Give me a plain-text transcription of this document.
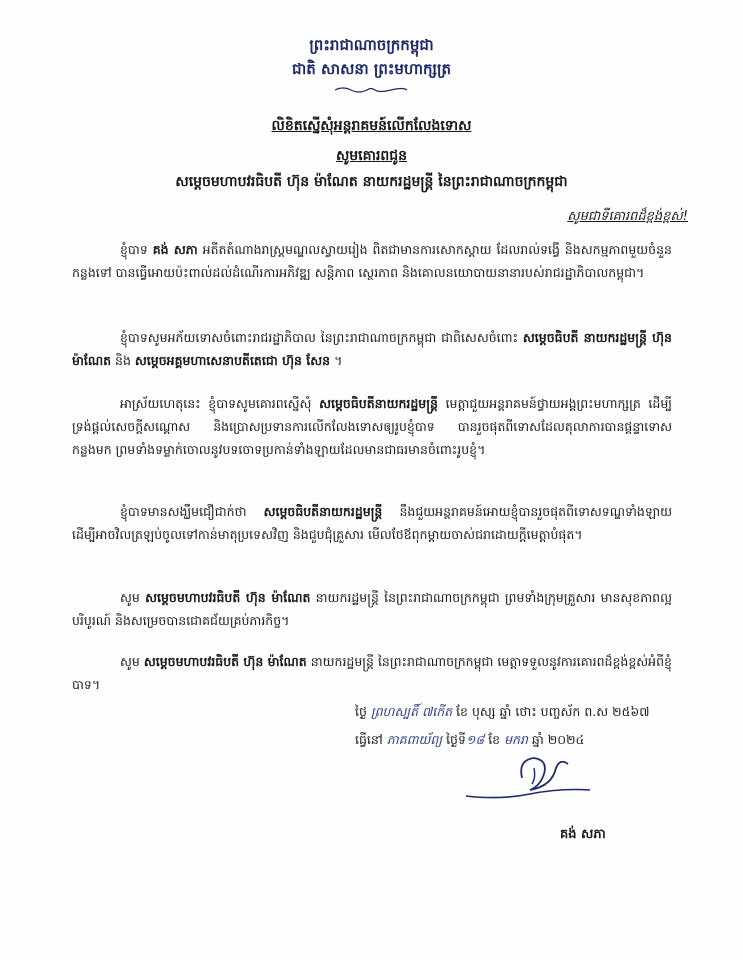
ព្រះរាជាណាចក្រកម្ពុជា
ជាតិ សាសនា ព្រះមហាក្សត្រ
លិខិតស្នើសុំអន្តរាគមន៍លើកលែងទោស
សូមគោរពជូន
សម្តេចមហាបវរធិបតី ហ៊ុន ម៉ាណែត នាយករដ្ឋមន្ត្រី នៃព្រះរាជាណាចក្រកម្ពុជា
សូមជាទីគោរពដ៏ខ្ពង់ខ្ពស់!
ខ្ញុំបាទ គង់ សភា អតីតតំណាងរាស្ត្រមណ្ឌលស្វាយរៀង ពិតជាមានការសោកស្តាយ ដែលរាល់ទង្វើ និងសកម្មភាពមួយចំនួនកន្លងទៅ បានធ្វើអោយប៉ះពាល់ដល់ដំណើរការអភិវឌ្ឍ សន្តិភាព ស្ថេរភាព និងគោលនយោបាយនានារបស់រាជរដ្ឋាភិបាលកម្ពុជា។
ខ្ញុំបាទសូមអភ័យទោសចំពោះរាជរដ្ឋាភិបាល នៃព្រះរាជាណាចក្រកម្ពុជា ជាពិសេសចំពោះ សម្តេចធិបតី នាយករដ្ឋមន្ត្រី ហ៊ុន ម៉ាណែត និង សម្តេចអគ្គមហាសេនាបតីតេជោ ហ៊ុន សែន ។
អាស្រ័យហេតុនេះ ខ្ញុំបាទសូមគោរពស្នើសុំ សម្តេចធិបតីនាយករដ្ឋមន្ត្រី មេត្តាជួយអន្តរាគមន៍ថ្វាយអង្គព្រះមហាក្សត្រ ដើម្បីទ្រង់ផ្តល់សេចក្តីសណ្តោស និងប្រោសប្រទានការលើកលែងទោសឲ្យរូបខ្ញុំបាទ បានរួចផុតពីទោសដែលតុលាការបានផ្តន្ទាទោសកន្លងមក ព្រមទាំងទម្លាក់ចោលនូវបទចោទប្រកាន់ទាំងឡាយដែលមានជាធរមានចំពោះរូបខ្ញុំ។
ខ្ញុំបាទមានសង្ឃឹមជឿជាក់ថា សម្តេចធិបតីនាយករដ្ឋមន្ត្រី នឹងជួយអន្តរាគមន៍អោយខ្ញុំបានរួចផុតពីទោសទណ្ឌទាំងឡាយ ដើម្បីអាចវិលត្រឡប់ចូលទៅកាន់មាតុប្រទេសវិញ និងជួបជុំគ្រួសារ មើលថែឪពុកម្តាយចាស់ជរាដោយក្តីមេត្តាបំផុត។
សូម សម្តេចមហាបវរធិបតី ហ៊ុន ម៉ាណែត នាយករដ្ឋមន្ត្រី នៃព្រះរាជាណាចក្រកម្ពុជា ព្រមទាំងក្រុមគ្រួសារ មានសុខភាពល្អបរិបូរណ៍ និងសម្រេចបានជោគជ័យគ្រប់ភារកិច្ច។
សូម សម្តេចមហាបវរធិបតី ហ៊ុន ម៉ាណែត នាយករដ្ឋមន្ត្រី នៃព្រះរាជាណាចក្រកម្ពុជា មេត្តាទទួលនូវការគោរពដ៏ខ្ពង់ខ្ពស់អំពីខ្ញុំបាទ។
ថ្ងៃ ព្រហស្បតិ៍ ៧កើត ខែ បុស្ស ឆ្នាំ ថោះ បញ្ចស័ក ព.ស ២៥៦៧
ធ្វើនៅ ភាគពាយ័ព្យ ថ្ងៃទី១៨ ខែ មករា ឆ្នាំ ២០២៤
គង់ សភា
